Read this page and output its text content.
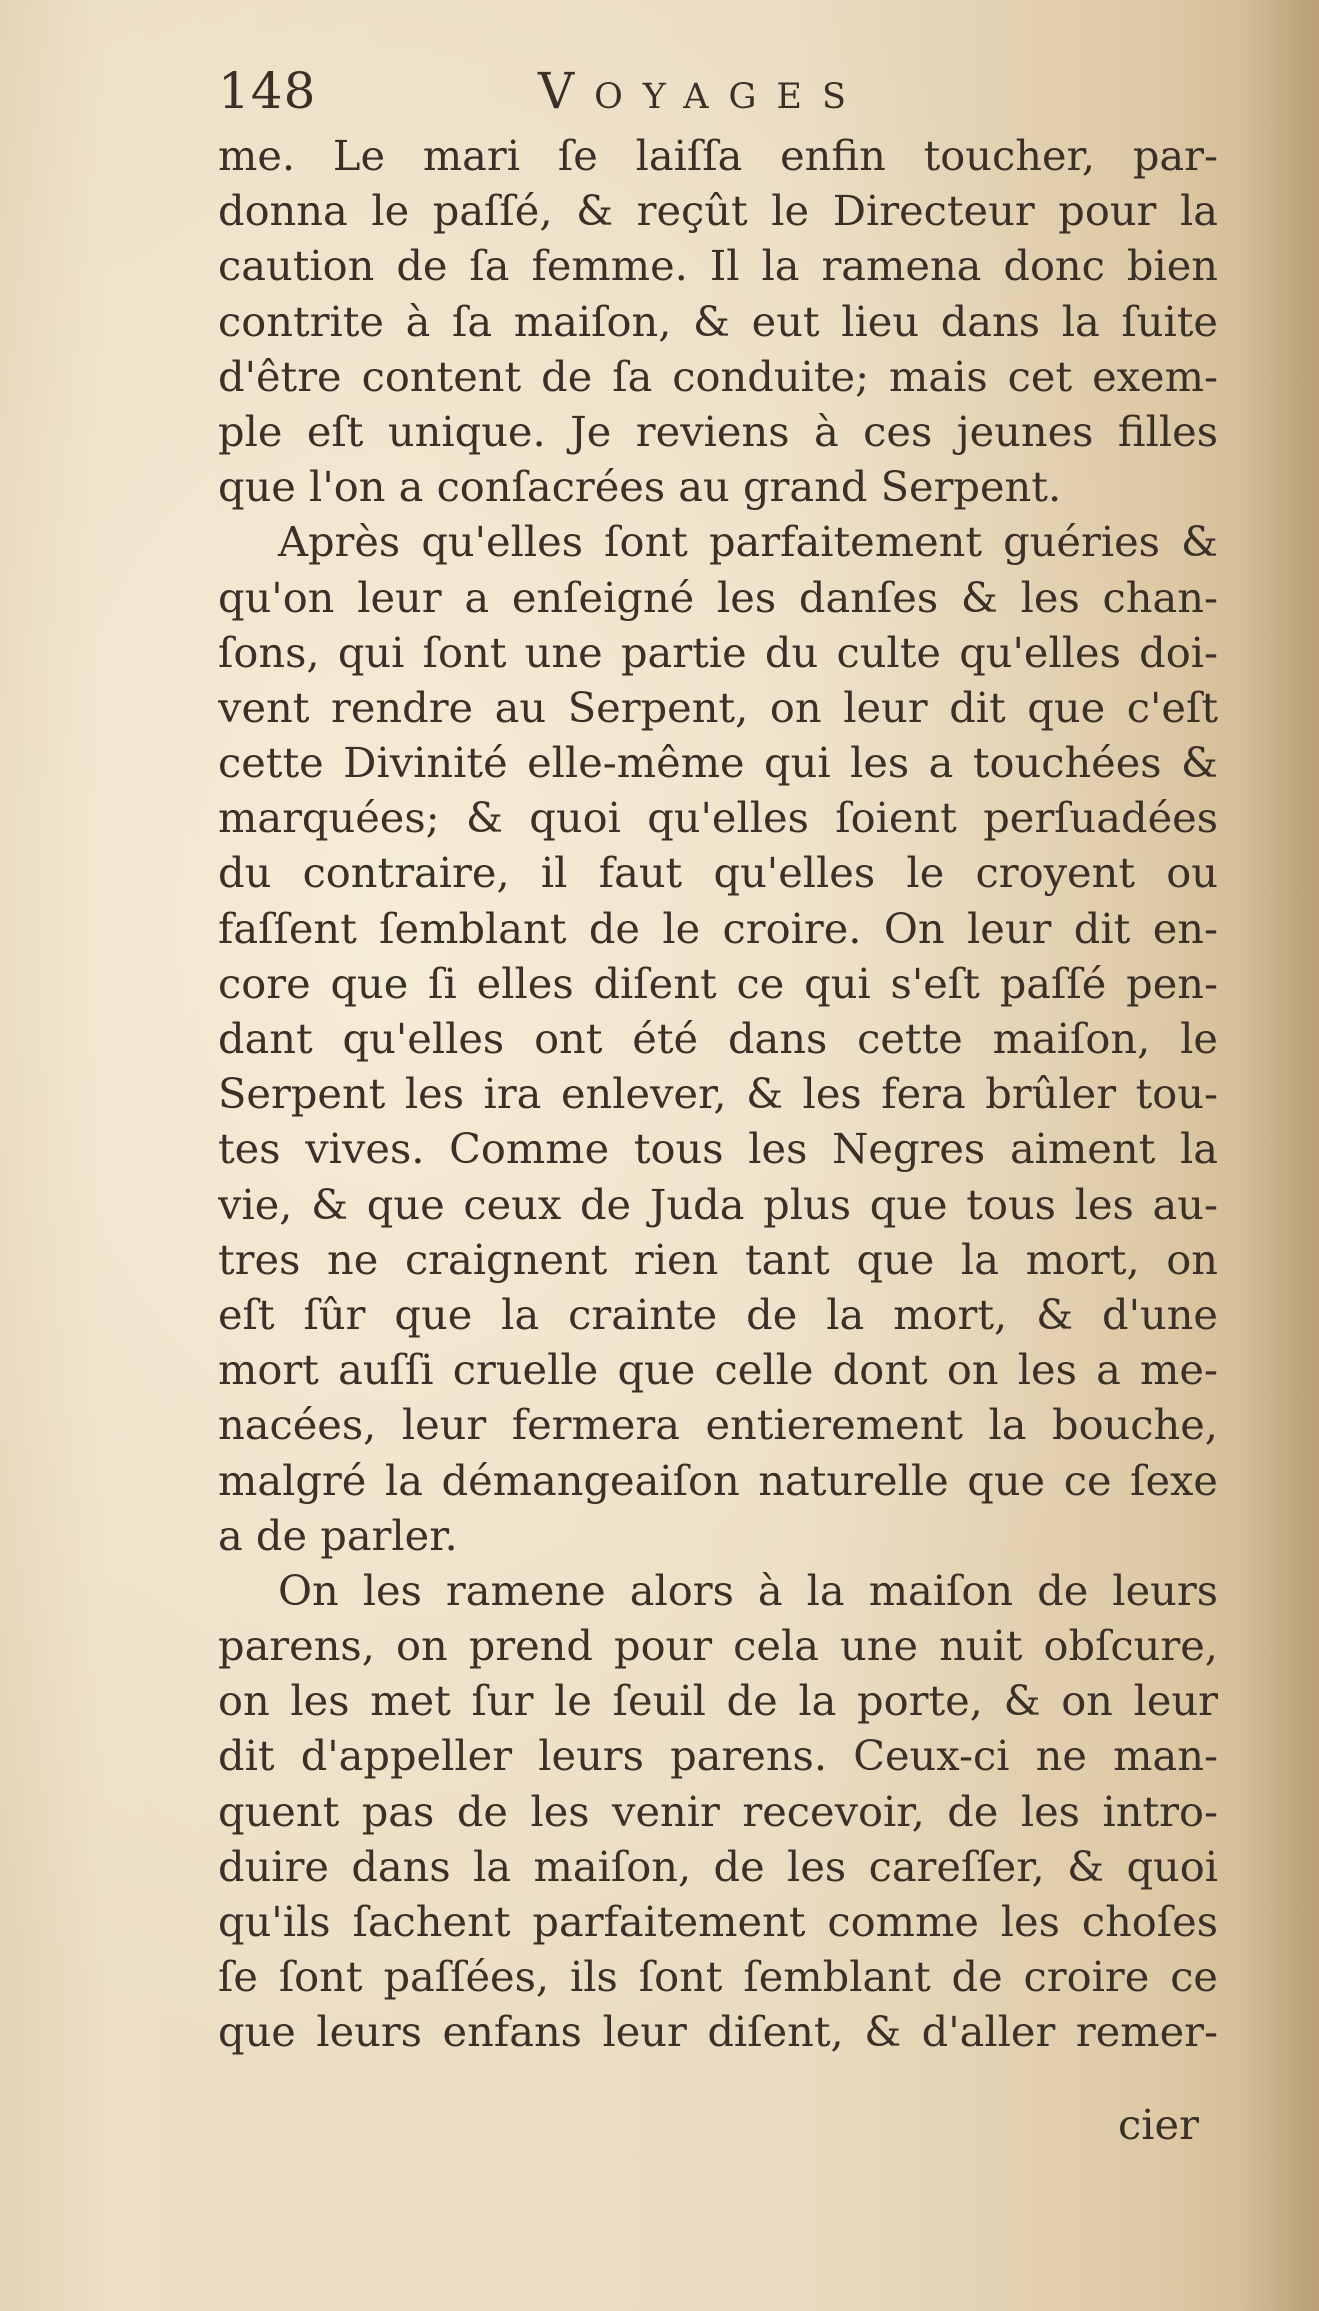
148	Voyages
me. Le mari ſe laiſſa enfin toucher, par-
donna le paſſé, & reçût le Directeur pour la
caution de ſa femme. Il la ramena donc bien
contrite à ſa maiſon, & eut lieu dans la ſuite
d'être content de ſa conduite; mais cet exem-
ple eſt unique. Je reviens à ces jeunes filles
que l'on a conſacrées au grand Serpent.
Après qu'elles ſont parfaitement guéries &
qu'on leur a enſeigné les danſes & les chan-
ſons, qui ſont une partie du culte qu'elles doi-
vent rendre au Serpent, on leur dit que c'eſt
cette Divinité elle-même qui les a touchées &
marquées; & quoi qu'elles ſoient perſuadées
du contraire, il faut qu'elles le croyent ou
faſſent ſemblant de le croire. On leur dit en-
core que ſi elles diſent ce qui s'eſt paſſé pen-
dant qu'elles ont été dans cette maiſon, le
Serpent les ira enlever, & les fera brûler tou-
tes vives. Comme tous les Negres aiment la
vie, & que ceux de Juda plus que tous les au-
tres ne craignent rien tant que la mort, on
eſt ſûr que la crainte de la mort, & d'une
mort auſſi cruelle que celle dont on les a me-
nacées, leur fermera entierement la bouche,
malgré la démangeaiſon naturelle que ce ſexe
a de parler.
On les ramene alors à la maiſon de leurs
parens, on prend pour cela une nuit obſcure,
on les met ſur le ſeuil de la porte, & on leur
dit d'appeller leurs parens. Ceux-ci ne man-
quent pas de les venir recevoir, de les intro-
duire dans la maiſon, de les careſſer, & quoi
qu'ils ſachent parfaitement comme les choſes
ſe ſont paſſées, ils ſont ſemblant de croire ce
que leurs enfans leur diſent, & d'aller remer-
cier
